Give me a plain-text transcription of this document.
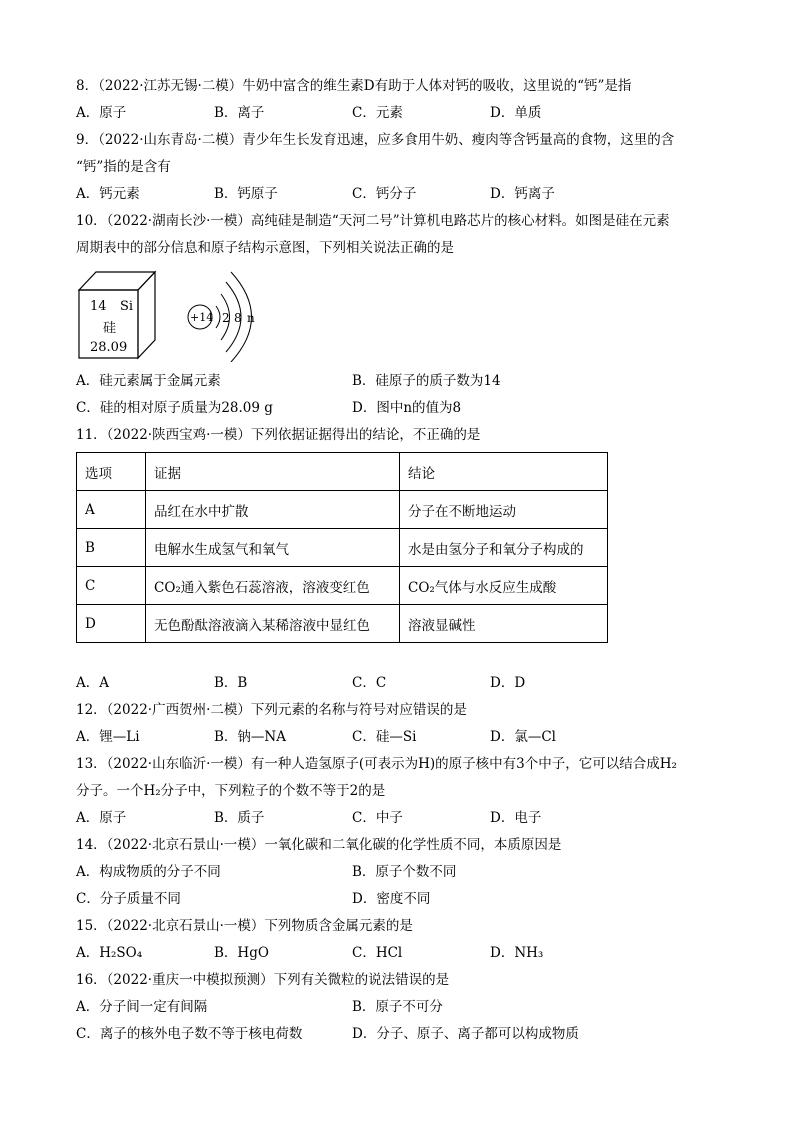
8．（2022·江苏无锡·二模）牛奶中富含的维生素D有助于人体对钙的吸收，这里说的“钙”是指
A．原子	B．离子	C．元素	D．单质
9．（2022·山东青岛·二模）青少年生长发育迅速，应多食用牛奶、瘦肉等含钙量高的食物，这里的含
“钙”指的是含有
A．钙元素	B．钙原子	C．钙分子	D．钙离子
10．（2022·湖南长沙·一模）高纯硅是制造“天河二号”计算机电路芯片的核心材料。如图是硅在元素
周期表中的部分信息和原子结构示意图，下列相关说法正确的是
14 Si
硅
28.09
+14 2 8 n
A．硅元素属于金属元素	B．硅原子的质子数为14
C．硅的相对原子质量为28.09 g	D．图中n的值为8
11．（2022·陕西宝鸡·一模）下列依据证据得出的结论，不正确的是
选项	证据	结论
A	品红在水中扩散	分子在不断地运动
B	电解水生成氢气和氧气	水是由氢分子和氧分子构成的
C	CO₂通入紫色石蕊溶液，溶液变红色	CO₂气体与水反应生成酸
D	无色酚酞溶液滴入某稀溶液中显红色	溶液显碱性
A．A	B．B	C．C	D．D
12．（2022·广西贺州·二模）下列元素的名称与符号对应错误的是
A．锂—Li	B．钠—NA	C．硅—Si	D．氯—Cl
13．（2022·山东临沂·一模）有一种人造氢原子(可表示为H)的原子核中有3个中子，它可以结合成H₂
分子。一个H₂分子中，下列粒子的个数不等于2的是
A．原子	B．质子	C．中子	D．电子
14．（2022·北京石景山·一模）一氧化碳和二氧化碳的化学性质不同，本质原因是
A．构成物质的分子不同	B．原子个数不同
C．分子质量不同	D．密度不同
15．（2022·北京石景山·一模）下列物质含金属元素的是
A．H₂SO₄	B．HgO	C．HCl	D．NH₃
16．（2022·重庆一中模拟预测）下列有关微粒的说法错误的是
A．分子间一定有间隔	B．原子不可分
C．离子的核外电子数不等于核电荷数	D．分子、原子、离子都可以构成物质
